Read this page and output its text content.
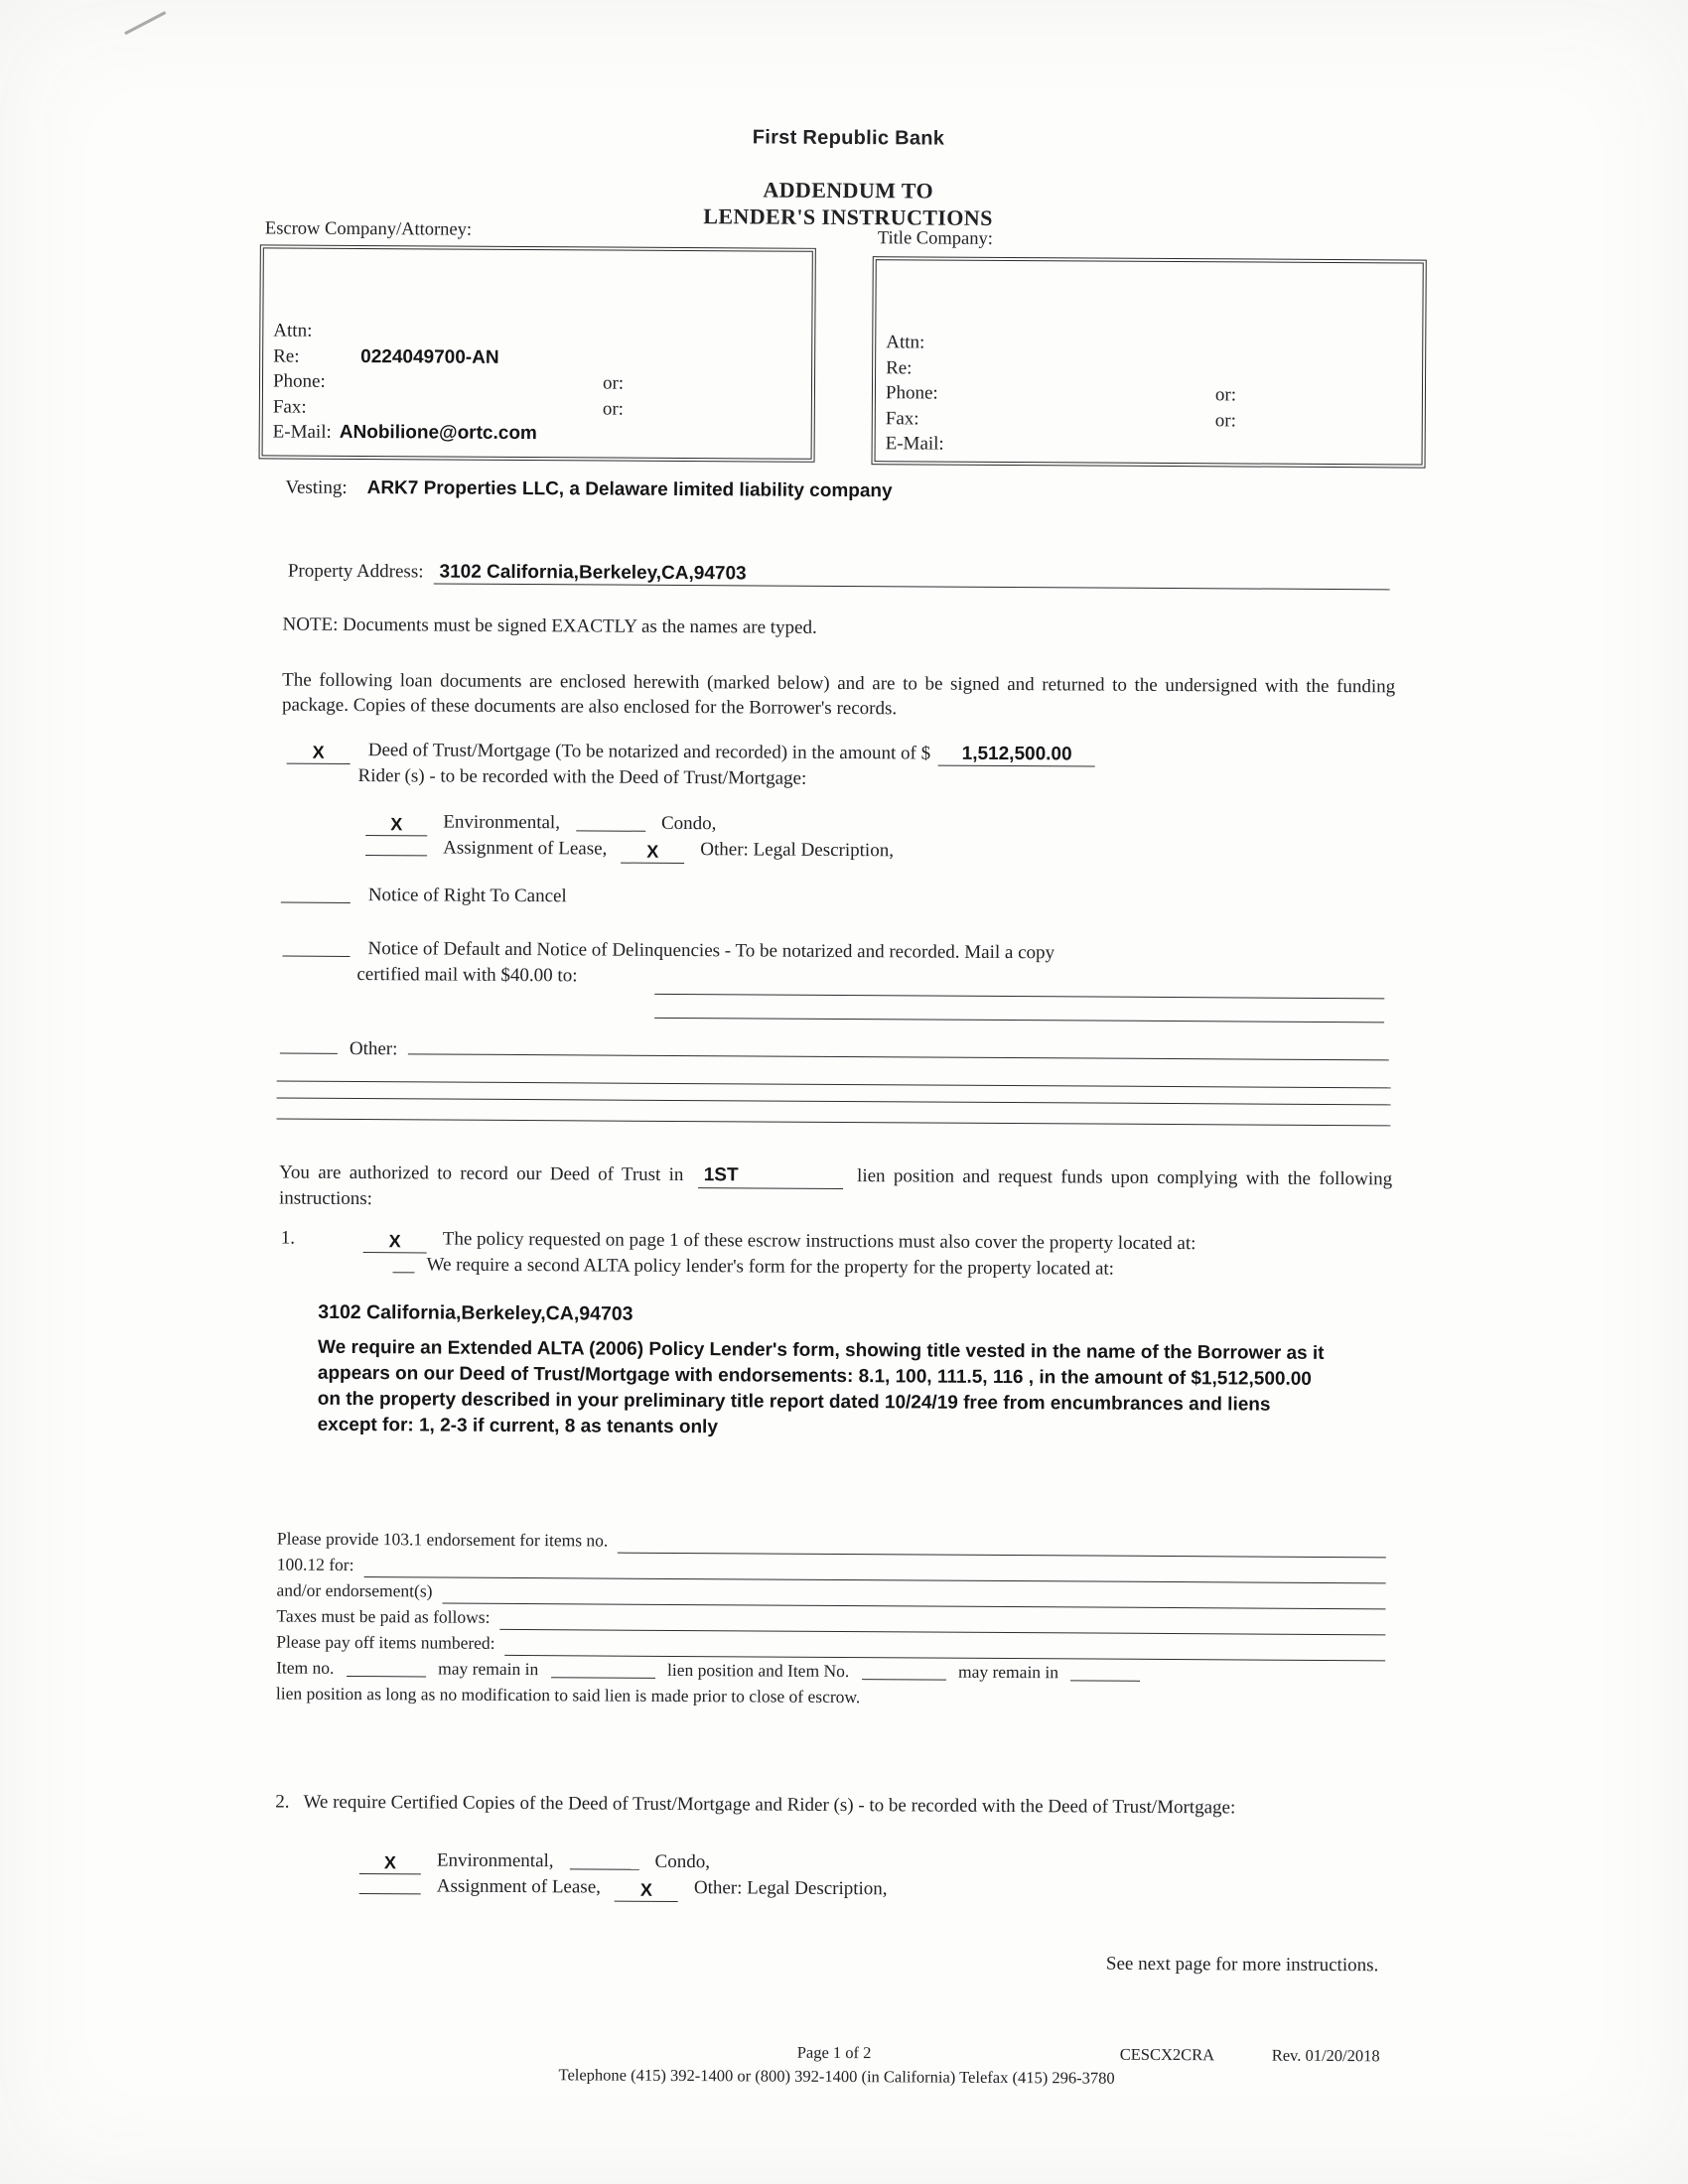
First Republic Bank
ADDENDUM TO
LENDER'S INSTRUCTIONS
Escrow Company/Attorney:	Title Company:
Attn:
Re:	0224049700-AN
Phone:	or:
Fax:	or:
E-Mail: ANobilione@ortc.com
Attn:
Re:
Phone:	or:
Fax:	or:
E-Mail:
Vesting: ARK7 Properties LLC, a Delaware limited liability company
Property Address: 3102 California,Berkeley,CA,94703
NOTE: Documents must be signed EXACTLY as the names are typed.
The following loan documents are enclosed herewith (marked below) and are to be signed and returned to the undersigned with the funding package. Copies of these documents are also enclosed for the Borrower's records.
X Deed of Trust/Mortgage (To be notarized and recorded) in the amount of $ 1,512,500.00
Rider (s) - to be recorded with the Deed of Trust/Mortgage:
X Environmental,	Condo,
Assignment of Lease, X Other: Legal Description,
Notice of Right To Cancel
Notice of Default and Notice of Delinquencies - To be notarized and recorded. Mail a copy
certified mail with $40.00 to:
Other:
You are authorized to record our Deed of Trust in 1ST	lien position and request funds upon complying with the following instructions:
1.	X The policy requested on page 1 of these escrow instructions must also cover the property located at:
We require a second ALTA policy lender's form for the property for the property located at:
3102 California,Berkeley,CA,94703
We require an Extended ALTA (2006) Policy Lender's form, showing title vested in the name of the Borrower as it appears on our Deed of Trust/Mortgage with endorsements: 8.1, 100, 111.5, 116 , in the amount of $1,512,500.00 on the property described in your preliminary title report dated 10/24/19 free from encumbrances and liens except for: 1, 2-3 if current, 8 as tenants only
Please provide 103.1 endorsement for items no.
100.12 for:
and/or endorsement(s)
Taxes must be paid as follows:
Please pay off items numbered:
Item no.	may remain in	lien position and Item No.	may remain in
lien position as long as no modification to said lien is made prior to close of escrow.
2. We require Certified Copies of the Deed of Trust/Mortgage and Rider (s) - to be recorded with the Deed of Trust/Mortgage:
X Environmental,	Condo,
Assignment of Lease, X Other: Legal Description,
See next page for more instructions.
Page 1 of 2	CESCX2CRA	Rev. 01/20/2018
Telephone (415) 392-1400 or (800) 392-1400 (in California) Telefax (415) 296-3780
